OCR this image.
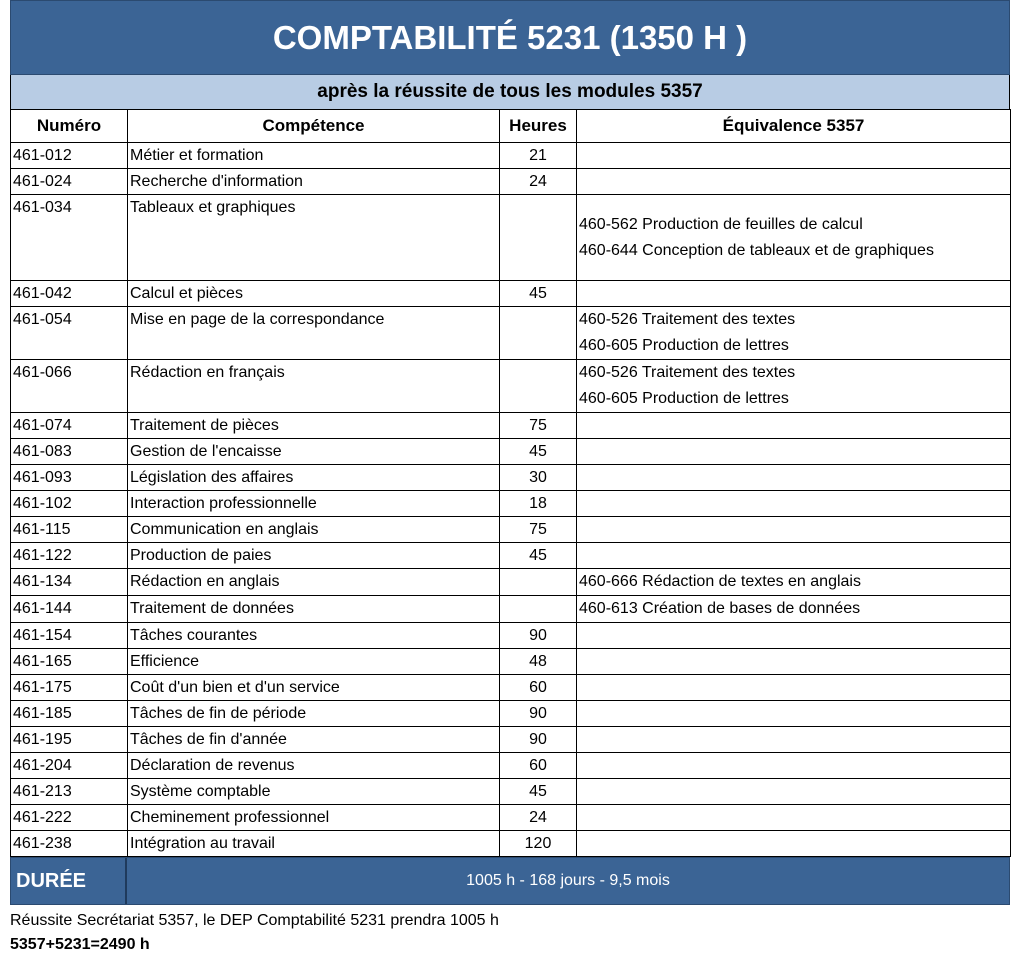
COMPTABILITÉ 5231 (1350 H )
après la réussite de tous les modules 5357
Numéro	Compétence	Heures	Équivalence 5357
461-012	Métier et formation	21	
461-024	Recherche d'information	24	
461-034	Tableaux et graphiques		460-562 Production de feuilles de calcul
460-644 Conception de tableaux et de graphiques

461-042	Calcul et pièces	45	
461-054	Mise en page de la correspondance		460-526 Traitement des textes
460-605 Production de lettres

461-066	Rédaction en français		460-526 Traitement des textes
460-605 Production de lettres

461-074	Traitement de pièces	75	
461-083	Gestion de l'encaisse	45	
461-093	Législation des affaires	30	
461-102	Interaction professionnelle	18	
461-115	Communication en anglais	75	
461-122	Production de paies	45	
461-134	Rédaction en anglais		460-666 Rédaction de textes en anglais

461-144	Traitement de données		460-613 Création de bases de données

461-154	Tâches courantes	90	
461-165	Efficience	48	
461-175	Coût d'un bien et d'un service	60	
461-185	Tâches de fin de période	90	
461-195	Tâches de fin d'année	90	
461-204	Déclaration de revenus	60	
461-213	Système comptable	45	
461-222	Cheminement professionnel	24	
461-238	Intégration au travail	120	
DURÉE	1005 h - 168 jours - 9,5 mois
Réussite Secrétariat 5357, le DEP Comptabilité 5231 prendra 1005 h
5357+5231=2490 h
